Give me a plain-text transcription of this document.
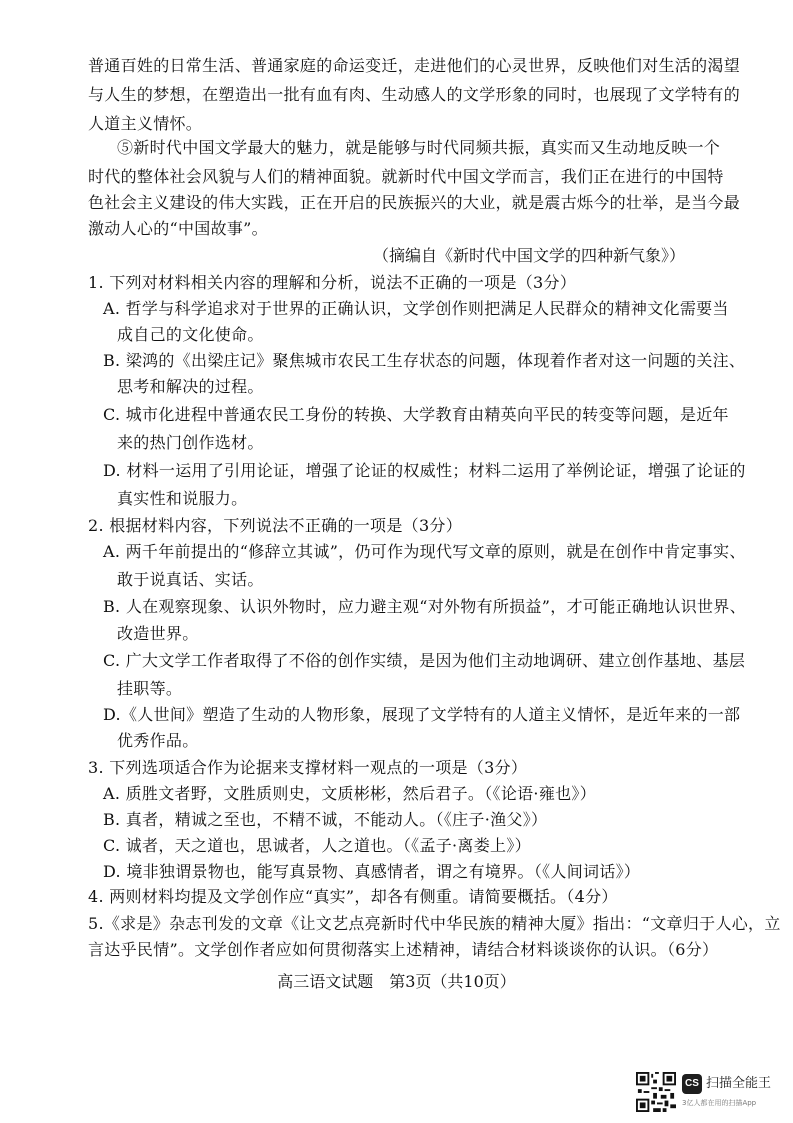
普通百姓的日常生活、普通家庭的命运变迁，走进他们的心灵世界，反映他们对生活的渴望
与人生的梦想，在塑造出一批有血有肉、生动感人的文学形象的同时，也展现了文学特有的
人道主义情怀。
⑤新时代中国文学最大的魅力，就是能够与时代同频共振，真实而又生动地反映一个
时代的整体社会风貌与人们的精神面貌。就新时代中国文学而言，我们正在进行的中国特
色社会主义建设的伟大实践，正在开启的民族振兴的大业，就是震古烁今的壮举，是当今最
激动人心的“中国故事”。
（摘编自《新时代中国文学的四种新气象》）
1. 下列对材料相关内容的理解和分析，说法不正确的一项是（3分）
A. 哲学与科学追求对于世界的正确认识，文学创作则把满足人民群众的精神文化需要当
成自己的文化使命。
B. 梁鸿的《出梁庄记》聚焦城市农民工生存状态的问题，体现着作者对这一问题的关注、
思考和解决的过程。
C. 城市化进程中普通农民工身份的转换、大学教育由精英向平民的转变等问题，是近年
来的热门创作选材。
D. 材料一运用了引用论证，增强了论证的权威性；材料二运用了举例论证，增强了论证的
真实性和说服力。
2. 根据材料内容，下列说法不正确的一项是（3分）
A. 两千年前提出的“修辞立其诚”，仍可作为现代写文章的原则，就是在创作中肯定事实、
敢于说真话、实话。
B. 人在观察现象、认识外物时，应力避主观“对外物有所损益”，才可能正确地认识世界、
改造世界。
C. 广大文学工作者取得了不俗的创作实绩，是因为他们主动地调研、建立创作基地、基层
挂职等。
D.《人世间》塑造了生动的人物形象，展现了文学特有的人道主义情怀，是近年来的一部
优秀作品。
3. 下列选项适合作为论据来支撑材料一观点的一项是（3分）
A. 质胜文者野，文胜质则史，文质彬彬，然后君子。（《论语·雍也》）
B. 真者，精诚之至也，不精不诚，不能动人。（《庄子·渔父》）
C. 诚者，天之道也，思诚者，人之道也。（《孟子·离娄上》）
D. 境非独谓景物也，能写真景物、真感情者，谓之有境界。（《人间词话》）
4. 两则材料均提及文学创作应“真实”，却各有侧重。请简要概括。（4分）
5.《求是》杂志刊发的文章《让文艺点亮新时代中华民族的精神大厦》指出：“文章归于人心，立
言达乎民情”。文学创作者应如何贯彻落实上述精神，请结合材料谈谈你的认识。（6分）
高三语文试题　第3页（共10页）
CS 扫描全能王
3亿人都在用的扫描App
